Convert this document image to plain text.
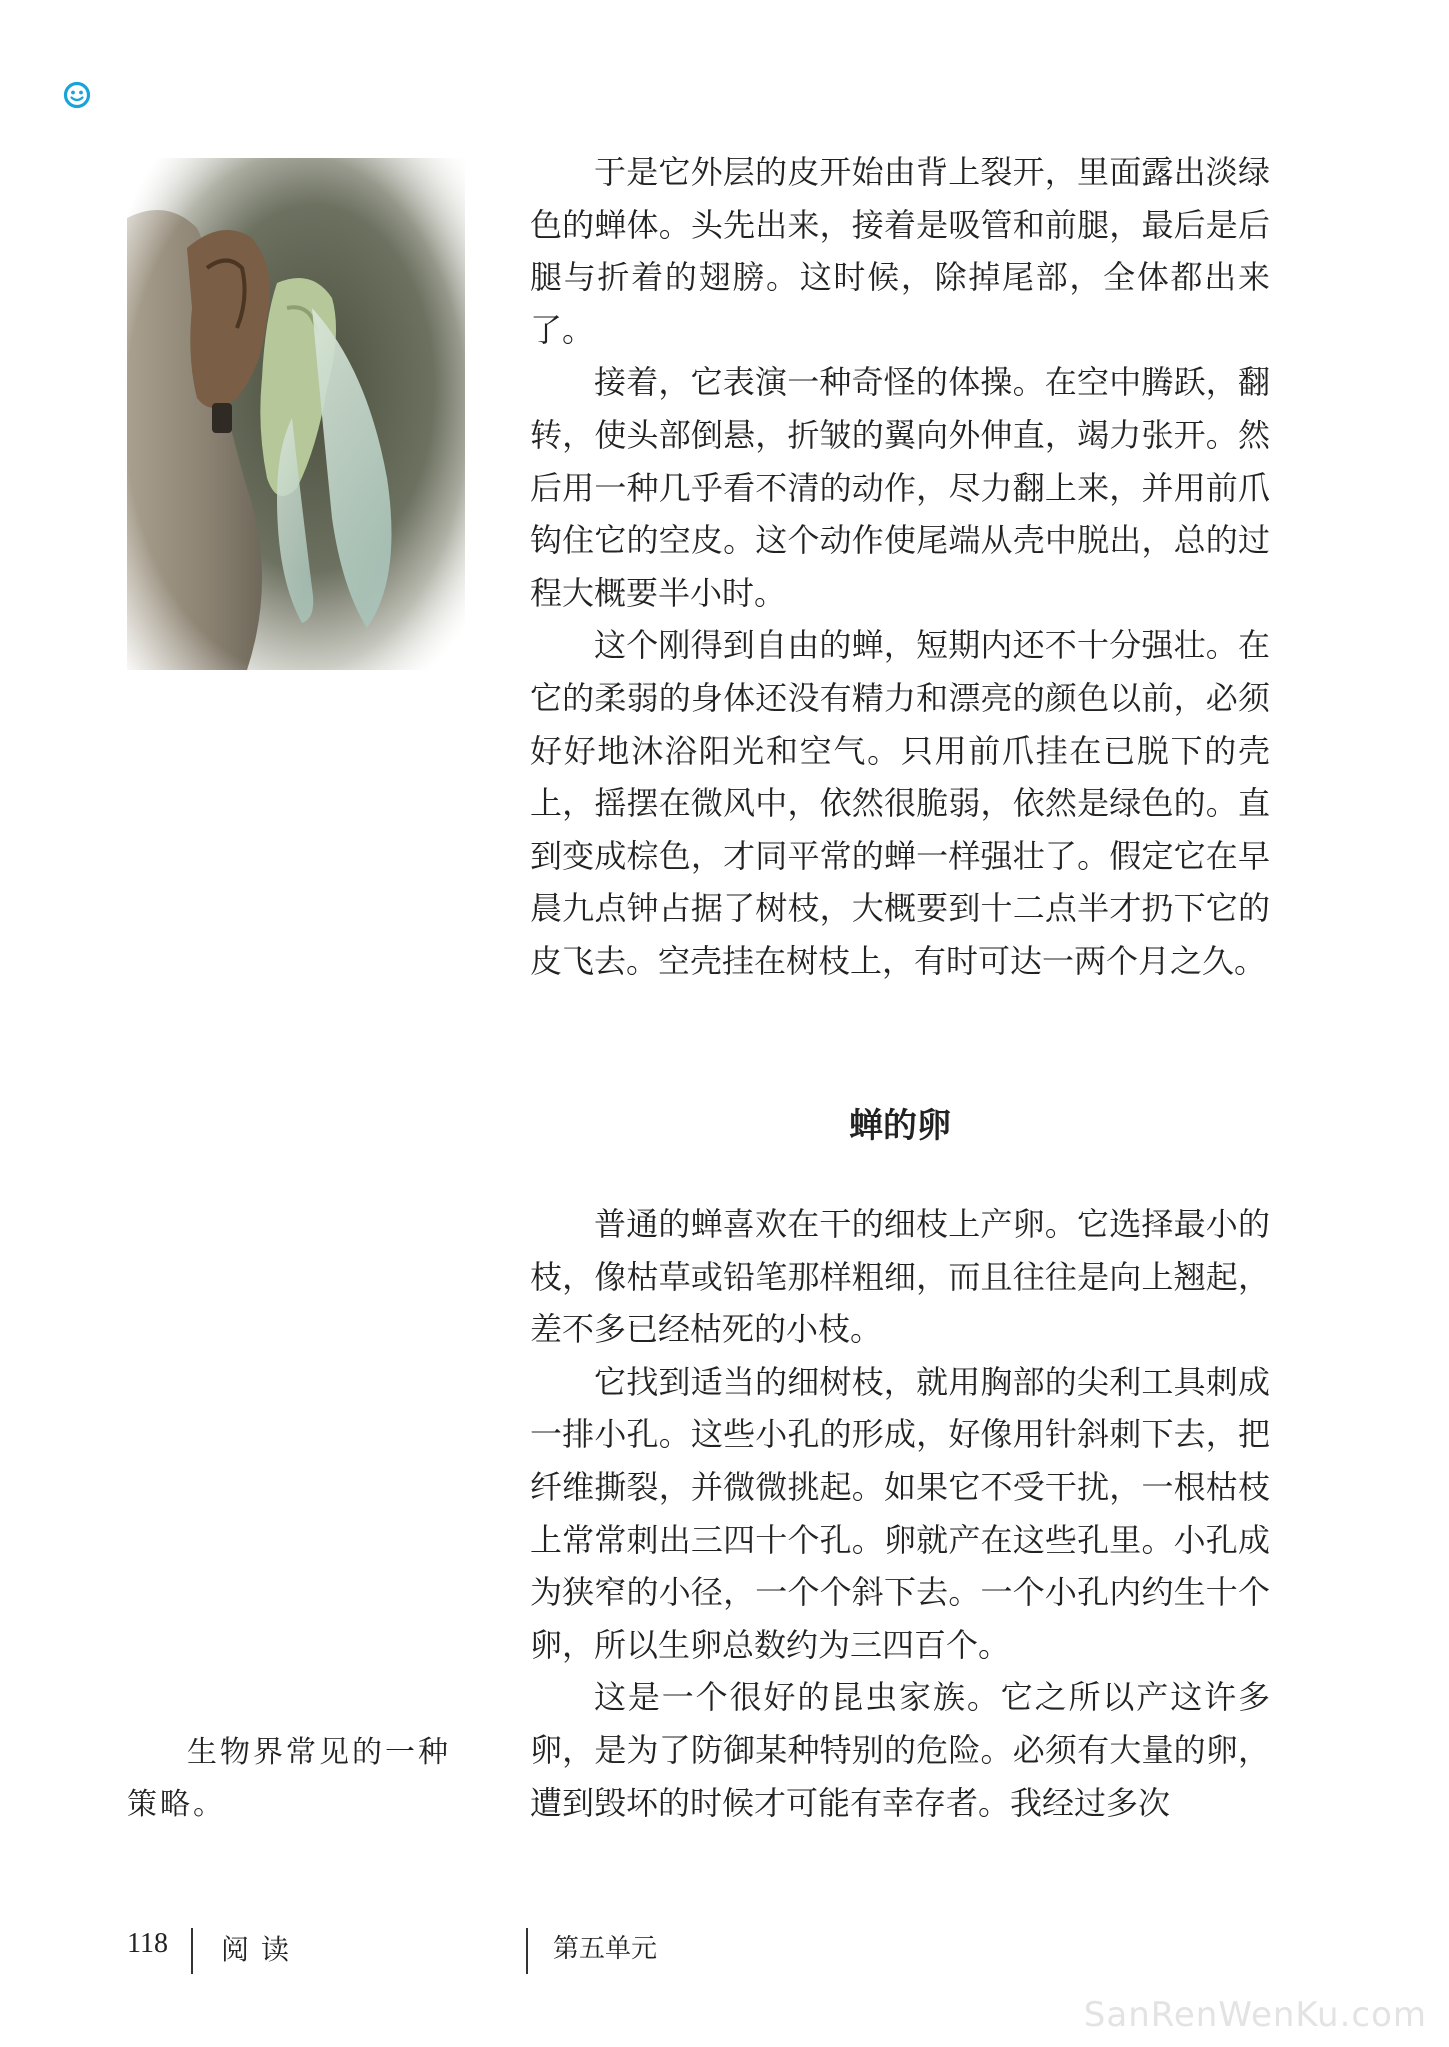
于是它外层的皮开始由背上裂开，里面露出淡绿色的蝉体。头先出来，接着是吸管和前腿，最后是后腿与折着的翅膀。这时候，除掉尾部，全体都出来了。

接着，它表演一种奇怪的体操。在空中腾跃，翻转，使头部倒悬，折皱的翼向外伸直，竭力张开。然后用一种几乎看不清的动作，尽力翻上来，并用前爪钩住它的空皮。这个动作使尾端从壳中脱出，总的过程大概要半小时。

这个刚得到自由的蝉，短期内还不十分强壮。在它的柔弱的身体还没有精力和漂亮的颜色以前，必须好好地沐浴阳光和空气。只用前爪挂在已脱下的壳上，摇摆在微风中，依然很脆弱，依然是绿色的。直到变成棕色，才同平常的蝉一样强壮了。假定它在早晨九点钟占据了树枝，大概要到十二点半才扔下它的皮飞去。空壳挂在树枝上，有时可达一两个月之久。

蝉的卵

普通的蝉喜欢在干的细枝上产卵。它选择最小的枝，像枯草或铅笔那样粗细，而且往往是向上翘起，差不多已经枯死的小枝。

它找到适当的细树枝，就用胸部的尖利工具刺成一排小孔。这些小孔的形成，好像用针斜刺下去，把纤维撕裂，并微微挑起。如果它不受干扰，一根枯枝上常常刺出三四十个孔。卵就产在这些孔里。小孔成为狭窄的小径，一个个斜下去。一个小孔内约生十个卵，所以生卵总数约为三四百个。

这是一个很好的昆虫家族。它之所以产这许多卵，是为了防御某种特别的危险。必须有大量的卵，遭到毁坏的时候才可能有幸存者。我经过多次

生物界常见的一种策略。

118 阅读	第五单元
SanRenWenKu.com
